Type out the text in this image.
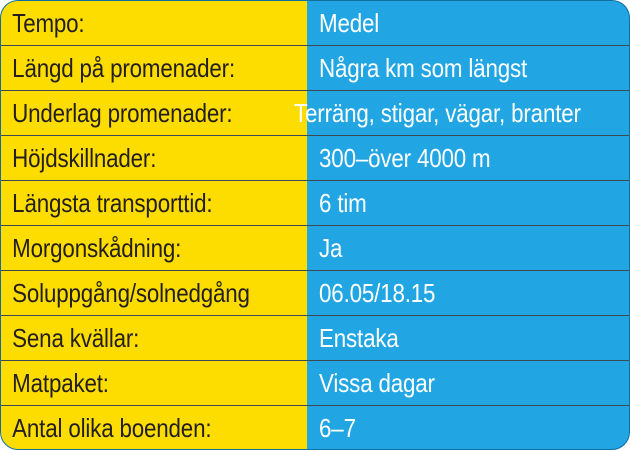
Tempo:	Medel
Längd på promenader:	Några km som längst
Underlag promenader:	Terräng, stigar, vägar, branter
Höjdskillnader:	300–över 4000 m
Längsta transporttid:	6 tim
Morgonskådning:	Ja
Soluppgång/solnedgång	06.05/18.15
Sena kvällar:	Enstaka
Matpaket:	Vissa dagar
Antal olika boenden:	6–7
